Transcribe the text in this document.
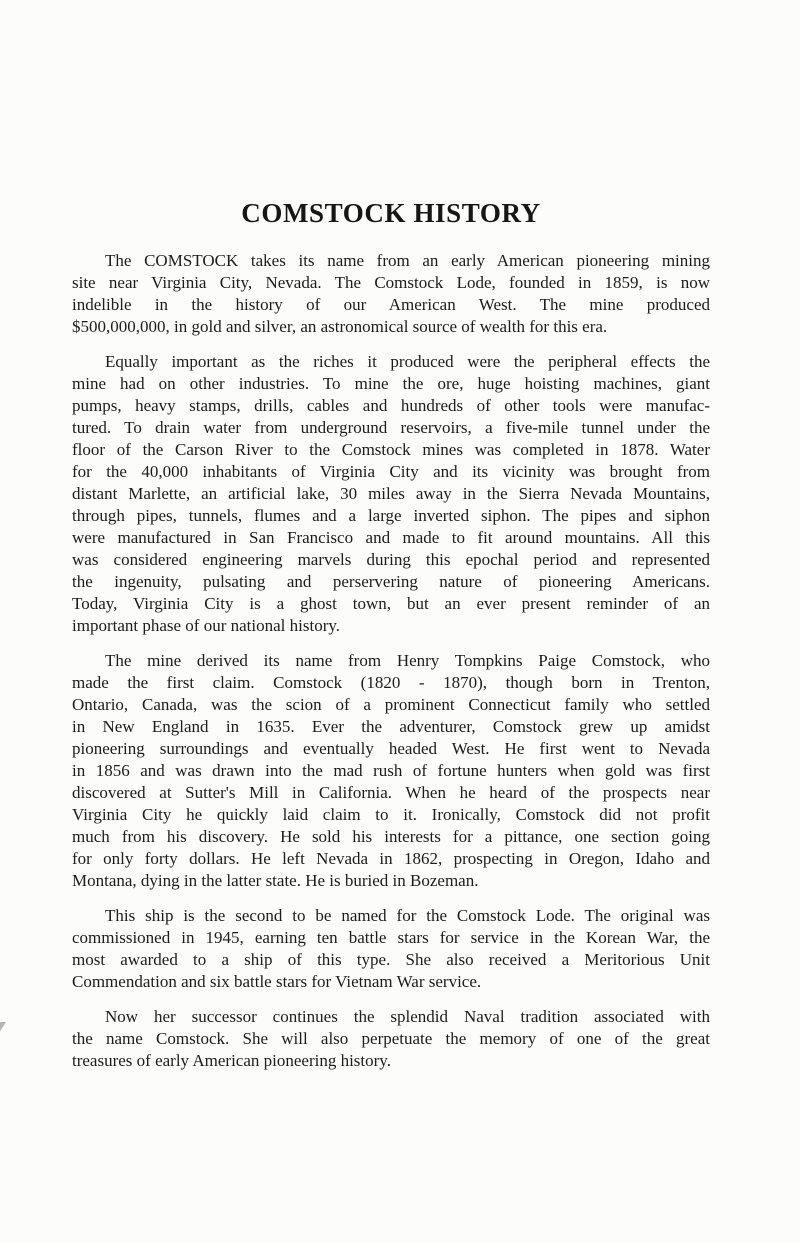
COMSTOCK HISTORY
The COMSTOCK takes its name from an early American pioneering mining
site near Virginia City, Nevada. The Comstock Lode, founded in 1859, is now
indelible in the history of our American West. The mine produced
$500,000,000, in gold and silver, an astronomical source of wealth for this era.
Equally important as the riches it produced were the peripheral effects the
mine had on other industries. To mine the ore, huge hoisting machines, giant
pumps, heavy stamps, drills, cables and hundreds of other tools were manufac-
tured. To drain water from underground reservoirs, a five-mile tunnel under the
floor of the Carson River to the Comstock mines was completed in 1878. Water
for the 40,000 inhabitants of Virginia City and its vicinity was brought from
distant Marlette, an artificial lake, 30 miles away in the Sierra Nevada Mountains,
through pipes, tunnels, flumes and a large inverted siphon. The pipes and siphon
were manufactured in San Francisco and made to fit around mountains. All this
was considered engineering marvels during this epochal period and represented
the ingenuity, pulsating and perservering nature of pioneering Americans.
Today, Virginia City is a ghost town, but an ever present reminder of an
important phase of our national history.
The mine derived its name from Henry Tompkins Paige Comstock, who
made the first claim. Comstock (1820 - 1870), though born in Trenton,
Ontario, Canada, was the scion of a prominent Connecticut family who settled
in New England in 1635. Ever the adventurer, Comstock grew up amidst
pioneering surroundings and eventually headed West. He first went to Nevada
in 1856 and was drawn into the mad rush of fortune hunters when gold was first
discovered at Sutter's Mill in California. When he heard of the prospects near
Virginia City he quickly laid claim to it. Ironically, Comstock did not profit
much from his discovery. He sold his interests for a pittance, one section going
for only forty dollars. He left Nevada in 1862, prospecting in Oregon, Idaho and
Montana, dying in the latter state. He is buried in Bozeman.
This ship is the second to be named for the Comstock Lode. The original was
commissioned in 1945, earning ten battle stars for service in the Korean War, the
most awarded to a ship of this type. She also received a Meritorious Unit
Commendation and six battle stars for Vietnam War service.
Now her successor continues the splendid Naval tradition associated with
the name Comstock. She will also perpetuate the memory of one of the great
treasures of early American pioneering history.
